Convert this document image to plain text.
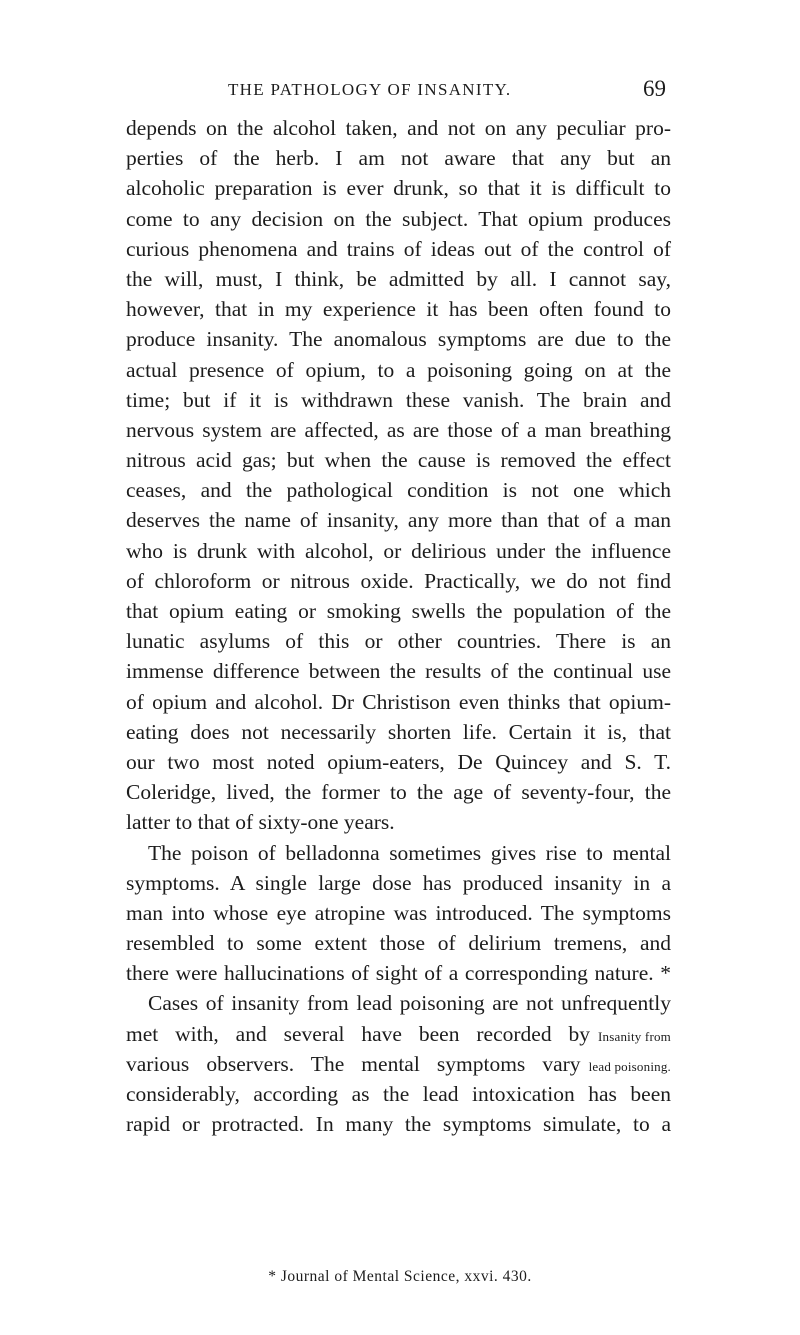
THE PATHOLOGY OF INSANITY.	69
depends on the alcohol taken, and not on any peculiar pro-
perties of the herb. I am not aware that any but an
alcoholic preparation is ever drunk, so that it is difficult to
come to any decision on the subject. That opium produces
curious phenomena and trains of ideas out of the control of
the will, must, I think, be admitted by all. I cannot say,
however, that in my experience it has been often found to
produce insanity. The anomalous symptoms are due to the
actual presence of opium, to a poisoning going on at the
time; but if it is withdrawn these vanish. The brain and
nervous system are affected, as are those of a man breathing
nitrous acid gas; but when the cause is removed the effect
ceases, and the pathological condition is not one which
deserves the name of insanity, any more than that of a man
who is drunk with alcohol, or delirious under the influence
of chloroform or nitrous oxide. Practically, we do not find
that opium eating or smoking swells the population of the
lunatic asylums of this or other countries. There is an
immense difference between the results of the continual use
of opium and alcohol. Dr Christison even thinks that opium-
eating does not necessarily shorten life. Certain it is, that
our two most noted opium-eaters, De Quincey and S. T.
Coleridge, lived, the former to the age of seventy-four, the
latter to that of sixty-one years.
The poison of belladonna sometimes gives rise to mental
symptoms. A single large dose has produced insanity in a
man into whose eye atropine was introduced. The symptoms
resembled to some extent those of delirium tremens, and
there were hallucinations of sight of a corresponding nature. *
Cases of insanity from lead poisoning are not unfrequently
met with, and several have been recorded by Insanity from
various observers. The mental symptoms vary lead poisoning.
considerably, according as the lead intoxication has been
rapid or protracted. In many the symptoms simulate, to a
* Journal of Mental Science, xxvi. 430.
